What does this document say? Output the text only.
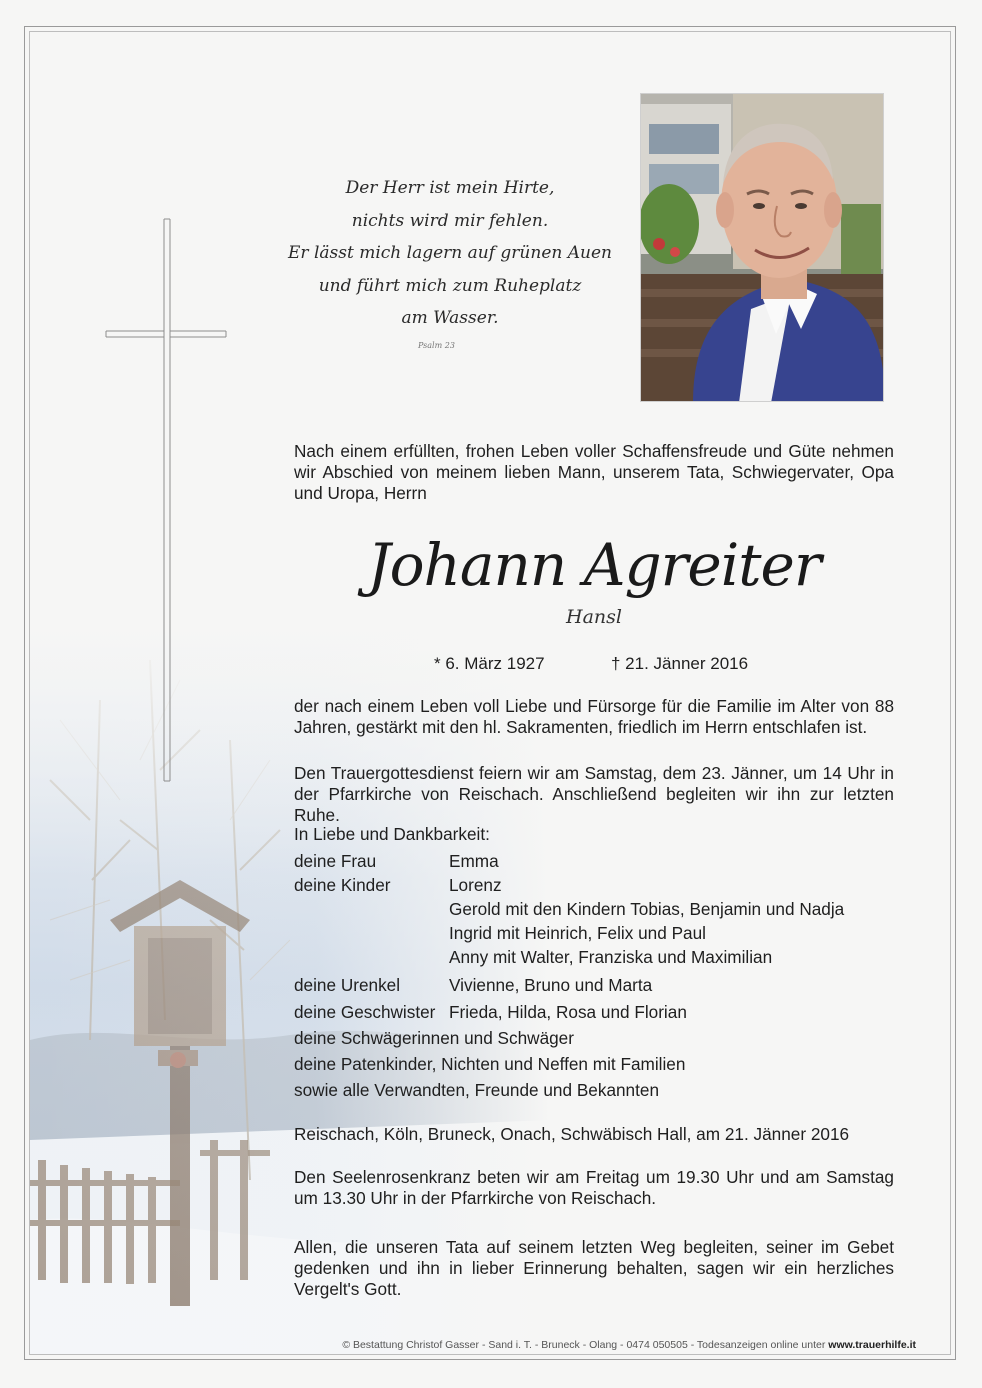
Der Herr ist mein Hirte,
nichts wird mir fehlen.
Er lässt mich lagern auf grünen Auen
und führt mich zum Ruheplatz
am Wasser.
Psalm 23
Nach einem erfüllten, frohen Leben voller Schaffensfreude und Güte nehmen wir Abschied von meinem lieben Mann, unserem Tata, Schwiegervater, Opa und Uropa, Herrn
Johann Agreiter
Hansl
* 6. März 1927	† 21. Jänner 2016
der nach einem Leben voll Liebe und Fürsorge für die Familie im Alter von 88 Jahren, gestärkt mit den hl. Sakramenten, friedlich im Herrn entschlafen ist.
Den Trauergottesdienst feiern wir am Samstag, dem 23. Jänner, um 14 Uhr in der Pfarrkirche von Reischach. Anschließend begleiten wir ihn zur letzten Ruhe.
In Liebe und Dankbarkeit:
deine Frau	Emma
deine Kinder	Lorenz
Gerold mit den Kindern Tobias, Benjamin und Nadja
Ingrid mit Heinrich, Felix und Paul
Anny mit Walter, Franziska und Maximilian
deine Urenkel	Vivienne, Bruno und Marta
deine Geschwister Frieda, Hilda, Rosa und Florian
deine Schwägerinnen und Schwäger
deine Patenkinder, Nichten und Neffen mit Familien
sowie alle Verwandten, Freunde und Bekannten
Reischach, Köln, Bruneck, Onach, Schwäbisch Hall, am 21. Jänner 2016
Den Seelenrosenkranz beten wir am Freitag um 19.30 Uhr und am Samstag um 13.30 Uhr in der Pfarrkirche von Reischach.
Allen, die unseren Tata auf seinem letzten Weg begleiten, seiner im Gebet gedenken und ihn in lieber Erinnerung behalten, sagen wir ein herzliches Vergelt's Gott.
© Bestattung Christof Gasser - Sand i. T. - Bruneck - Olang - 0474 050505 - Todesanzeigen online unter www.trauerhilfe.it
